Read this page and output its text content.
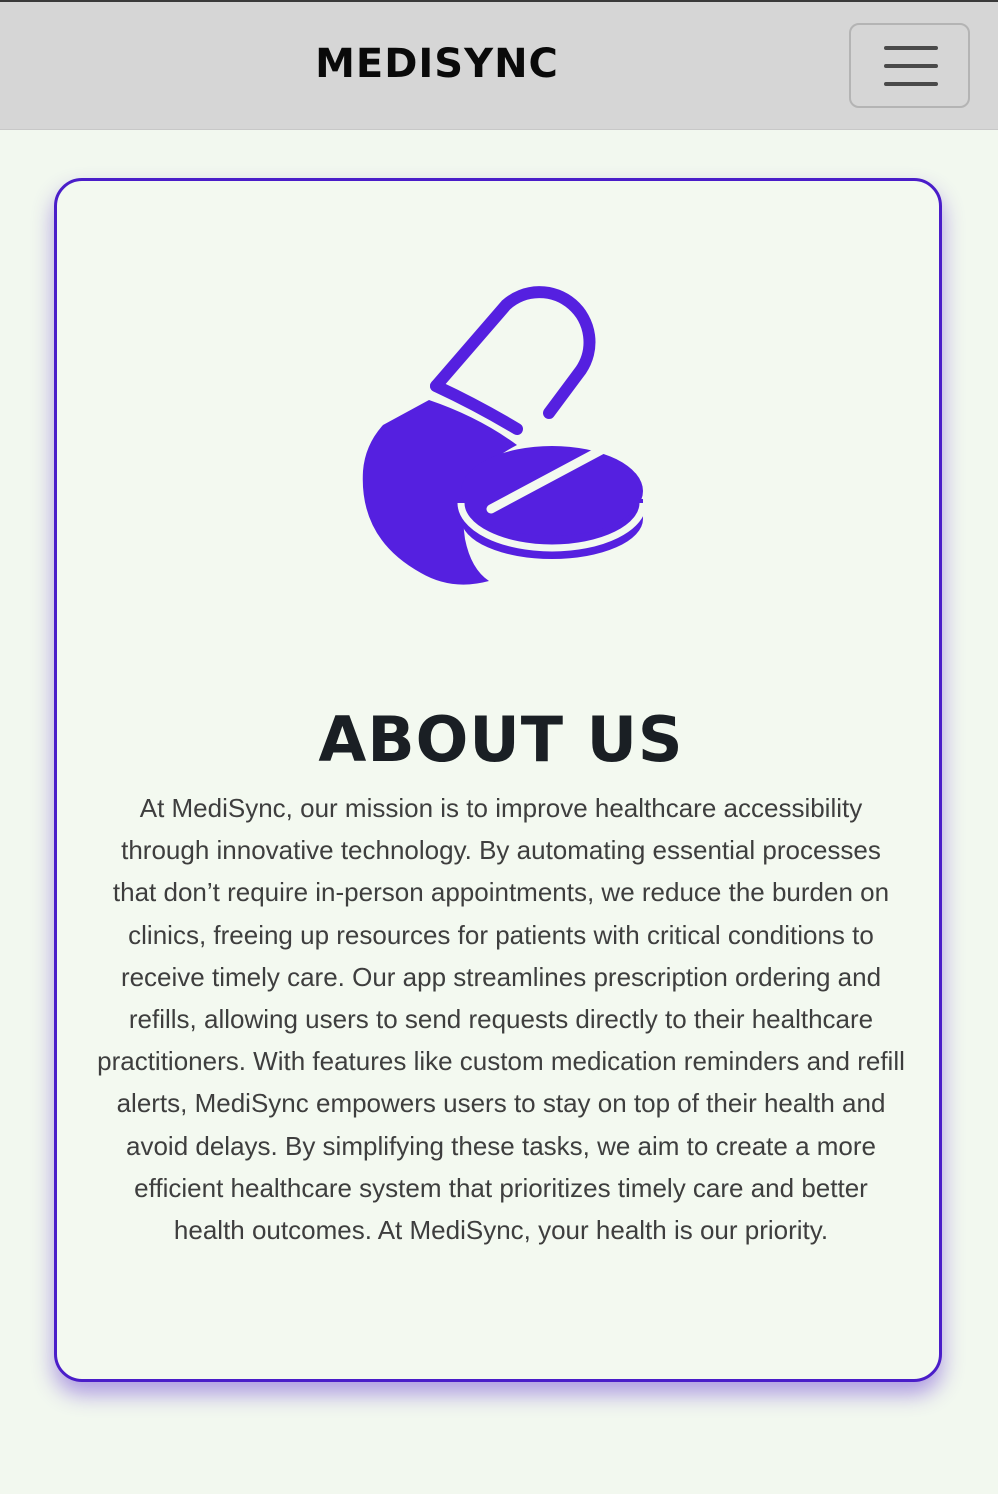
MEDISYNC
ABOUT US

At MediSync, our mission is to improve healthcare accessibility through innovative technology. By automating essential processes that don’t require in-person appointments, we reduce the burden on clinics, freeing up resources for patients with critical conditions to receive timely care. Our app streamlines prescription ordering and refills, allowing users to send requests directly to their healthcare practitioners. With features like custom medication reminders and refill alerts, MediSync empowers users to stay on top of their health and avoid delays. By simplifying these tasks, we aim to create a more efficient healthcare system that prioritizes timely care and better health outcomes. At MediSync, your health is our priority.
